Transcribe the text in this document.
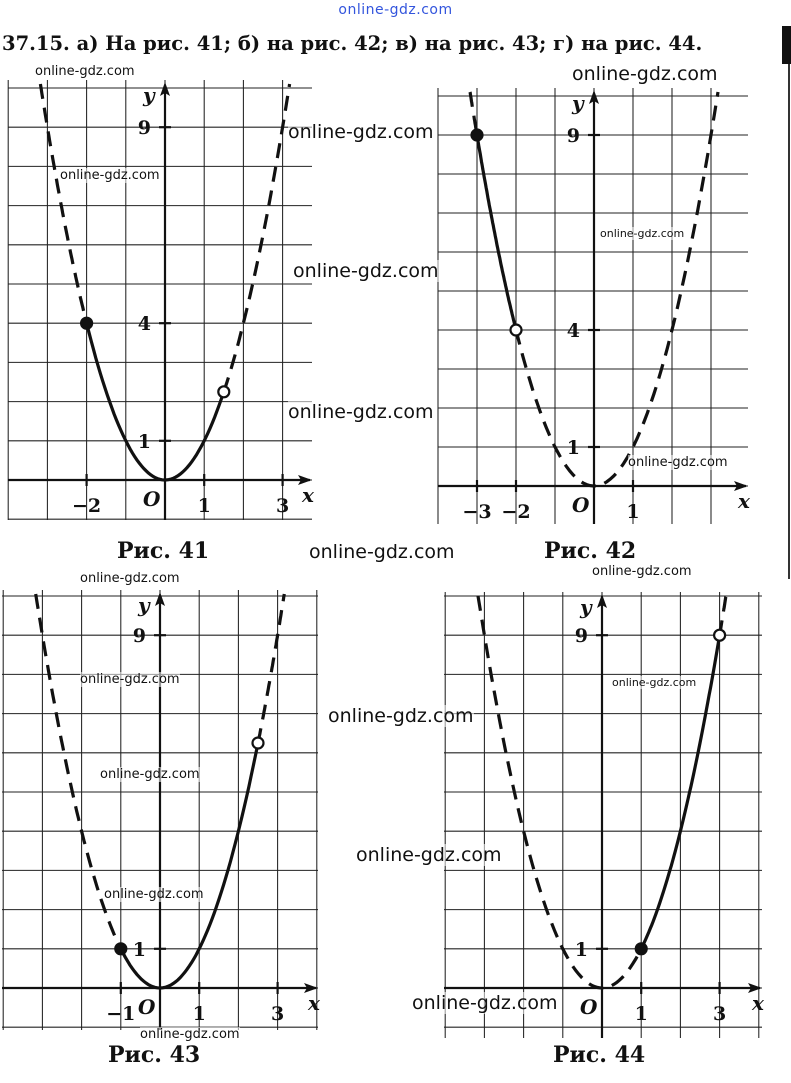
online-gdz.com
37.15. а) На рис. 41; б) на рис. 42; в) на рис. 43; г) на рис. 44.
x
y
O
−2	1	3
1
4
9
x
y
O
−3 −2	1
1
4
9
x
y
O
−1	1	3
1
9
x
y
O 1	3
1
9
Рис. 41	Рис. 42
Рис. 43	Рис. 44
online-gdz.com	online-gdz.com
online-gdz.com
online-gdz.com
online-gdz.com
online-gdz.com
online-gdz.com
online-gdz.com
online-gdz.com
online-gdz.com
online-gdz.com
online-gdz.com	online-gdz.com
online-gdz.com
online-gdz.com
online-gdz.com
online-gdz.com
online-gdz.com
online-gdz.com
